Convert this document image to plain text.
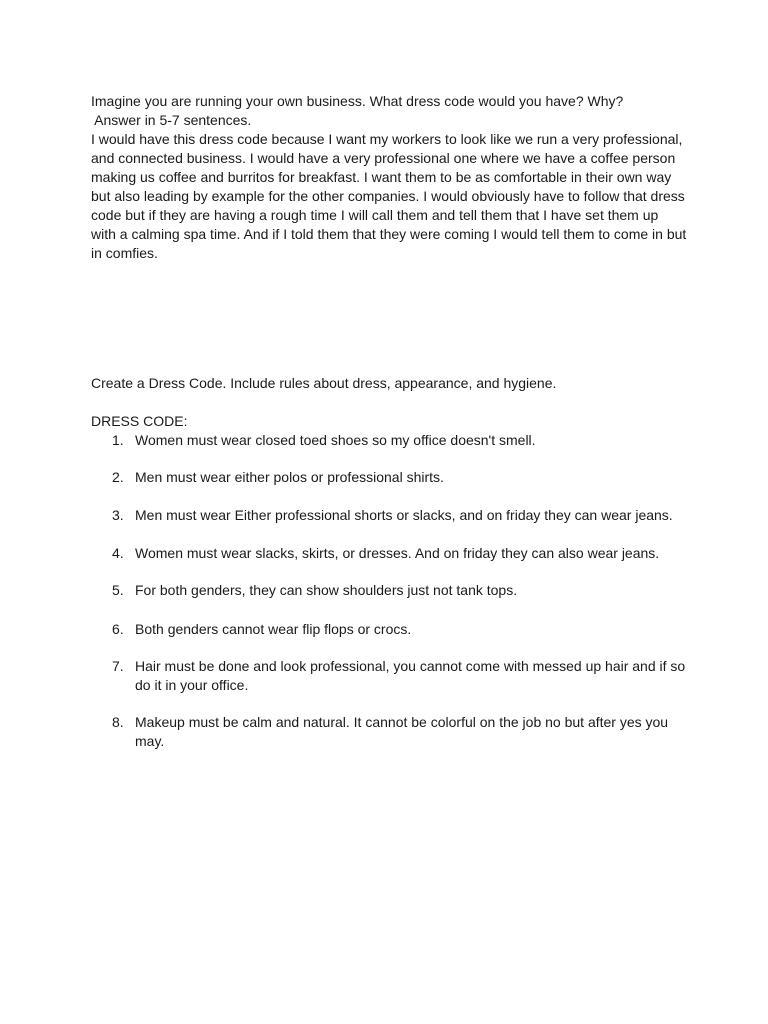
Imagine you are running your own business. What dress code would you have? Why?
Answer in 5-7 sentences.
I would have this dress code because I want my workers to look like we run a very professional,
and connected business. I would have a very professional one where we have a coffee person
making us coffee and burritos for breakfast. I want them to be as comfortable in their own way
but also leading by example for the other companies. I would obviously have to follow that dress
code but if they are having a rough time I will call them and tell them that I have set them up
with a calming spa time. And if I told them that they were coming I would tell them to come in but
in comfies.
Create a Dress Code. Include rules about dress, appearance, and hygiene.
DRESS CODE:
1. Women must wear closed toed shoes so my office doesn't smell.
2. Men must wear either polos or professional shirts.
3. Men must wear Either professional shorts or slacks, and on friday they can wear jeans.
4. Women must wear slacks, skirts, or dresses. And on friday they can also wear jeans.
5. For both genders, they can show shoulders just not tank tops.
6. Both genders cannot wear flip flops or crocs.
7. Hair must be done and look professional, you cannot come with messed up hair and if so
do it in your office.
8. Makeup must be calm and natural. It cannot be colorful on the job no but after yes you
may.
